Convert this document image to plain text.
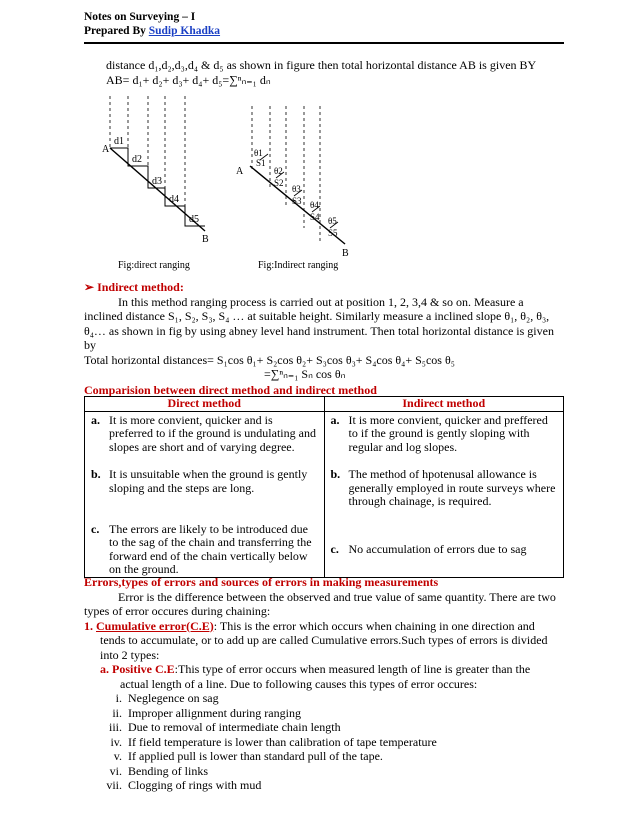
Notes on Surveying – I
Prepared By Sudip Khadka
distance d₁,d₂,d₃,d₄ & d₅ as shown in figure then total horizontal distance AB is given BY
AB= d₁+ d₂+ d₃+ d₄+ d₅=∑ⁿₙ₌₁ dₙ
A
B
d1
d2
d3
d4
d5
A
B
θ1
S1
θ2
S2
θ3
S3 θ4
S4 θ5
S5
Fig:direct ranging	Fig:Indirect ranging
➢ Indirect method:
In this method ranging process is carried out at position 1, 2, 3,4 & so on. Measure a
inclined distance S₁, S₂, S₃, S₄ … at suitable height. Similarly measure a inclined slope θ₁, θ₂, θ₃,
θ₄… as shown in fig by using abney level hand instrument. Then total horizontal distance is given
by
Total horizontal distances= S₁cos θ₁+ S₂cos θ₂+ S₃cos θ₃+ S₄cos θ₄+ S₅cos θ₅
=∑ⁿₙ₌₁ Sₙ cos θₙ
Comparision between direct method and indirect method
Direct method	Indirect method

a. It is more convient, quicker and is preferred to if the ground is undulating and slopes are short and of varying degree.	a. It is more convient, quicker and preffered to if the ground is gently sloping with regular and log slopes.

b. It is unsuitable when the ground is gently sloping and the steps are long.	b. The method of hpotenusal allowance is generally employed in route surveys where through chainage, is required.

c. The errors are likely to be introduced due to the sag of the chain and transferring the forward end of the chain vertically below on the ground.	c. No accumulation of errors due to sag
Errors,types of errors and sources of errors in making measurements
Error is the difference between the observed and true value of same quantity. There are two
types of error occures during chaining:
1. Cumulative error(C.E): This is the error which occurs when chaining in one direction and
tends to accumulate, or to add up are called Cumulative errors.Such types of errors is divided
into 2 types:
a. Positive C.E:This type of error occurs when measured length of line is greater than the
actual length of a line. Due to following causes this types of error occures:
i. Neglegence on sag
ii. Improper allignment during ranging
iii. Due to removal of intermediate chain length
iv. If field temperature is lower than calibration of tape temperature
v. If applied pull is lower than standard pull of the tape.
vi. Bending of links
vii. Clogging of rings with mud
